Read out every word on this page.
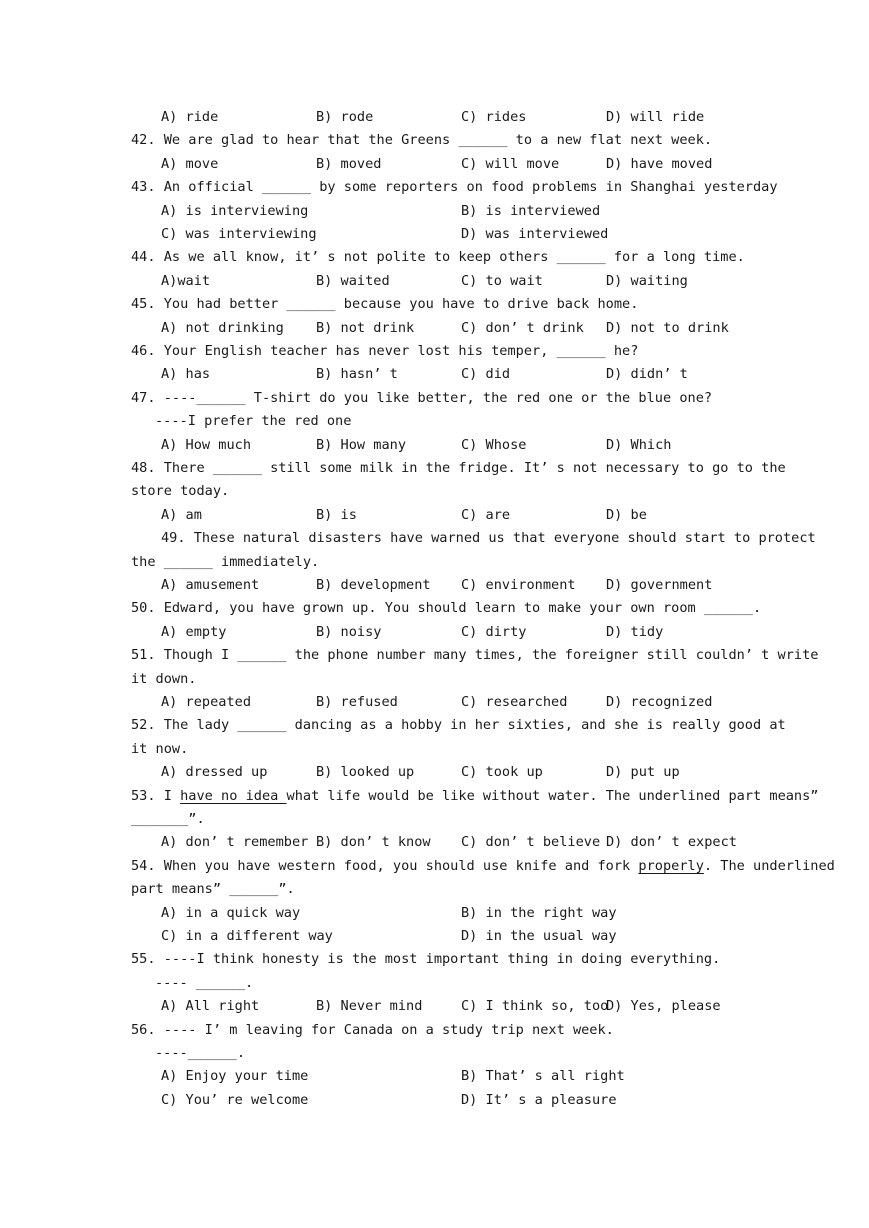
A) ride	B) rode	C) rides	D) will ride
42. We are glad to hear that the Greens ______ to a new flat next week.
A) move	B) moved	C) will move	D) have moved
43. An official ______ by some reporters on food problems in Shanghai yesterday
A) is interviewing	B) is interviewed
C) was interviewing	D) was interviewed
44. As we all know, it’ s not polite to keep others ______ for a long time.
A)wait	B) waited	C) to wait	D) waiting
45. You had better ______ because you have to drive back home.
A) not drinking B) not drink	C) don’ t drink D) not to drink
46. Your English teacher has never lost his temper, ______ he?
A) has	B) hasn’ t	C) did	D) didn’ t
47. ----______ T-shirt do you like better, the red one or the blue one?
----I prefer the red one
A) How much	B) How many	C) Whose	D) Which
48. There ______ still some milk in the fridge. It’ s not necessary to go to the
store today.
A) am	B) is	C) are	D) be
49. These natural disasters have warned us that everyone should start to protect
the ______ immediately.
A) amusement	B) development C) environment D) government
50. Edward, you have grown up. You should learn to make your own room ______.
A) empty	B) noisy	C) dirty	D) tidy
51. Though I ______ the phone number many times, the foreigner still couldn’ t write
it down.
A) repeated	B) refused	C) researched	D) recognized
52. The lady ______ dancing as a hobby in her sixties, and she is really good at
it now.
A) dressed up	B) looked up	C) took up	D) put up
53. I have no idea what life would be like without water. The underlined part means”
_______”.
A) don’ t remember B) don’ t know C) don’ t believe D) don’ t expect
54. When you have western food, you should use knife and fork properly. The underlined
part means” ______”.
A) in a quick way	B) in the right way
C) in a different way	D) in the usual way
55. ----I think honesty is the most important thing in doing everything.
---- ______.
A) All right	B) Never mind	C) I think so, too
D) Yes, please
56. ---- I’ m leaving for Canada on a study trip next week.
----______.
A) Enjoy your time	B) That’ s all right
C) You’ re welcome	D) It’ s a pleasure
